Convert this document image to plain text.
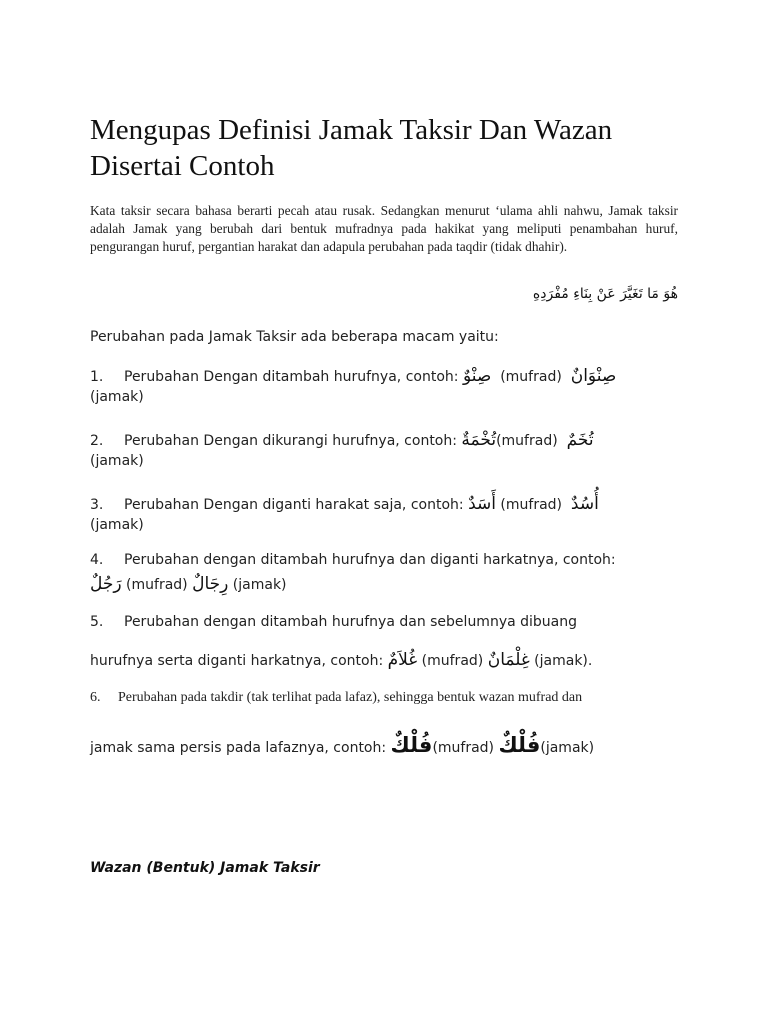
Mengupas Definisi Jamak Taksir Dan Wazan Disertai Contoh
Kata taksir secara bahasa berarti pecah atau rusak. Sedangkan menurut ‘ulama ahli nahwu, Jamak taksir adalah Jamak yang berubah dari bentuk mufradnya pada hakikat yang meliputi penambahan huruf, pengurangan huruf, pergantian harakat dan adapula perubahan pada taqdir (tidak dhahir).
هُوَ مَا تَغَيَّرَ عَنْ بِنَاءِ مُفْرَدِهِ
Perubahan pada Jamak Taksir ada beberapa macam yaitu:
1. Perubahan Dengan ditambah hurufnya, contoh: صِنْوٌ (mufrad) صِنْوَانٌ
(jamak)
2. Perubahan Dengan dikurangi hurufnya, contoh: تُخْمَةٌ(mufrad) تُخَمٌ
(jamak)
3. Perubahan Dengan diganti harakat saja, contoh: أَسَدٌ (mufrad) أُسُدٌ
(jamak)
4. Perubahan dengan ditambah hurufnya dan diganti harkatnya, contoh:
رَجُلٌ (mufrad) رِجَالٌ (jamak)
5. Perubahan dengan ditambah hurufnya dan sebelumnya dibuang
hurufnya serta diganti harkatnya, contoh: غُلاَمٌ (mufrad) غِلْمَانٌ (jamak).
6. Perubahan pada takdir (tak terlihat pada lafaz), sehingga bentuk wazan mufrad dan
jamak sama persis pada lafaznya, contoh: فُلْكٌ(mufrad) فُلْكٌ(jamak)
Wazan (Bentuk) Jamak Taksir
